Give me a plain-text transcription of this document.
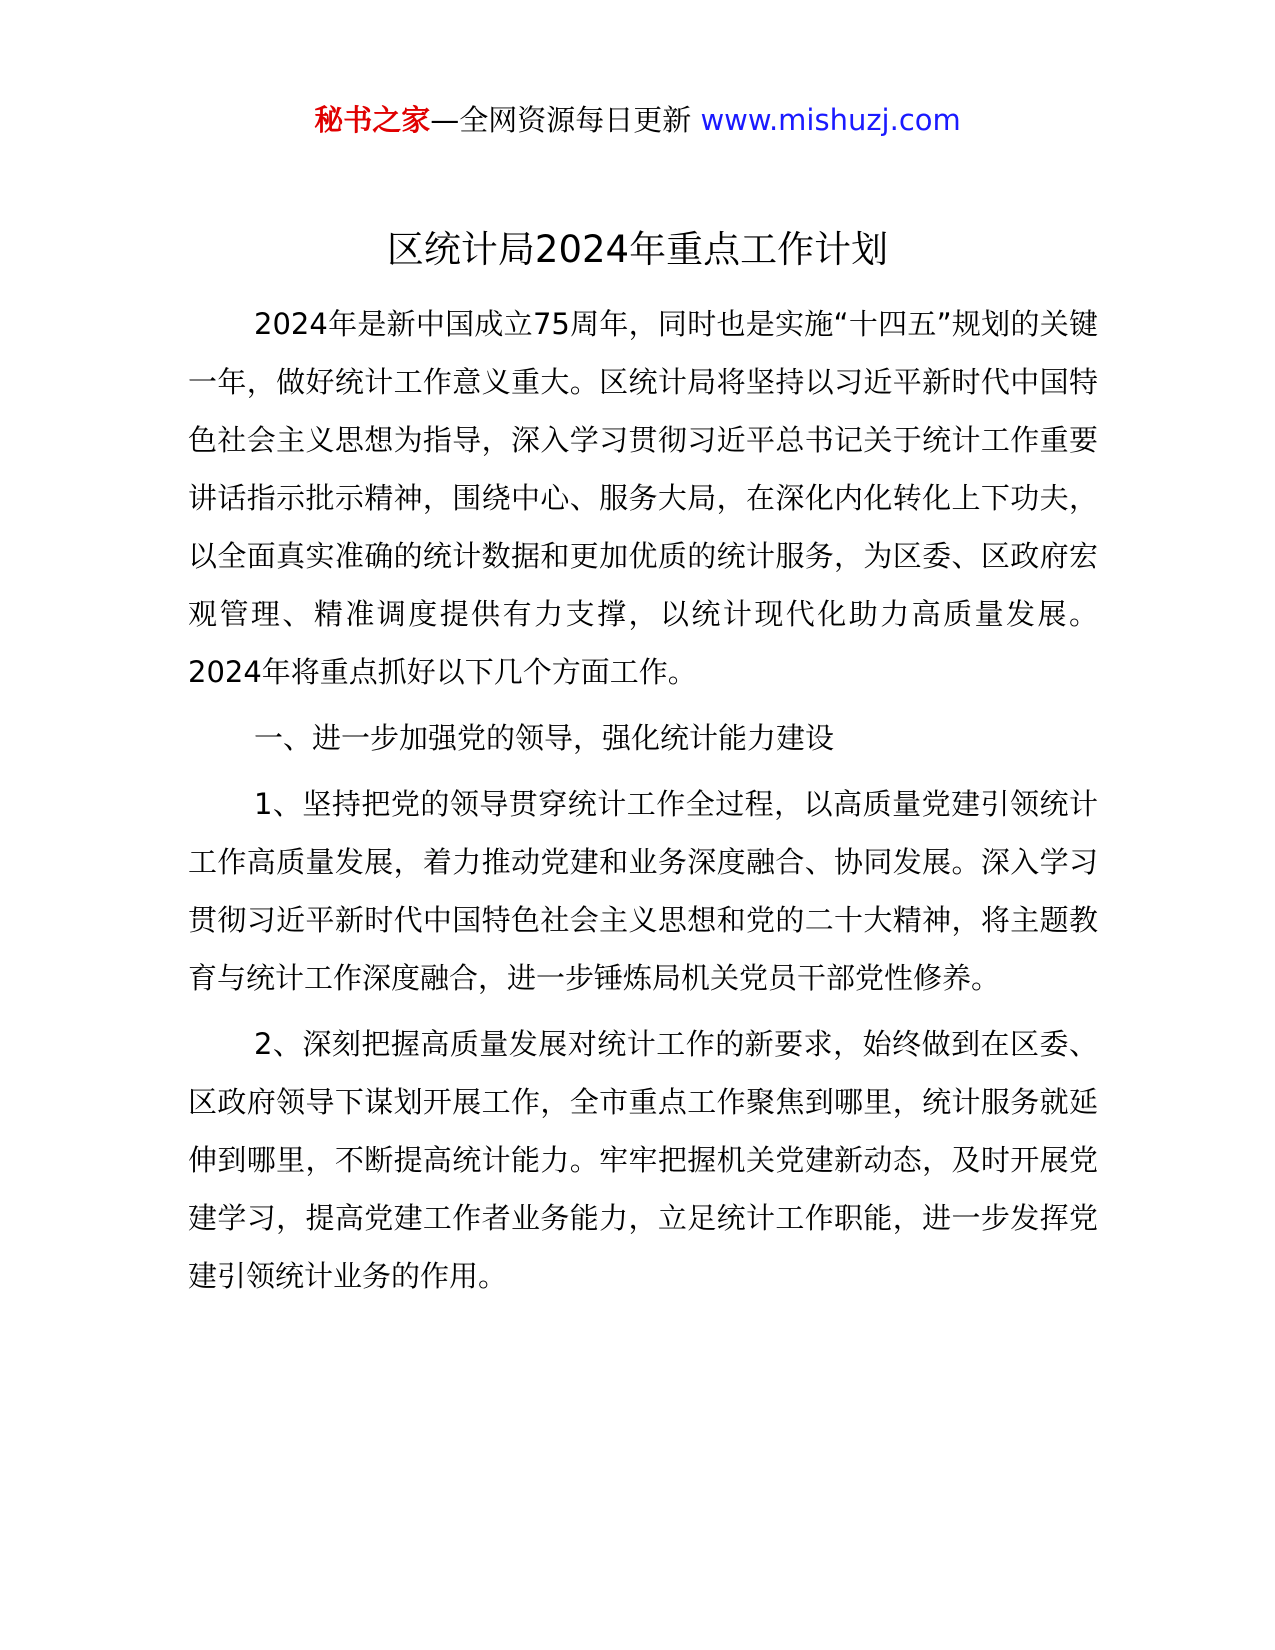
秘书之家—全网资源每日更新 www.mishuzj.com
区统计局2024年重点工作计划

2024年是新中国成立75周年，同时也是实施“十四五”规划的关键一年，做好统计工作意义重大。区统计局将坚持以习近平新时代中国特色社会主义思想为指导，深入学习贯彻习近平总书记关于统计工作重要讲话指示批示精神，围绕中心、服务大局，在深化内化转化上下功夫，以全面真实准确的统计数据和更加优质的统计服务，为区委、区政府宏观管理、精准调度提供有力支撑，以统计现代化助力高质量发展。2024年将重点抓好以下几个方面工作。

一、进一步加强党的领导，强化统计能力建设

1、坚持把党的领导贯穿统计工作全过程，以高质量党建引领统计工作高质量发展，着力推动党建和业务深度融合、协同发展。深入学习贯彻习近平新时代中国特色社会主义思想和党的二十大精神，将主题教育与统计工作深度融合，进一步锤炼局机关党员干部党性修养。

2、深刻把握高质量发展对统计工作的新要求，始终做到在区委、区政府领导下谋划开展工作，全市重点工作聚焦到哪里，统计服务就延伸到哪里，不断提高统计能力。牢牢把握机关党建新动态，及时开展党建学习，提高党建工作者业务能力，立足统计工作职能，进一步发挥党建引领统计业务的作用。
